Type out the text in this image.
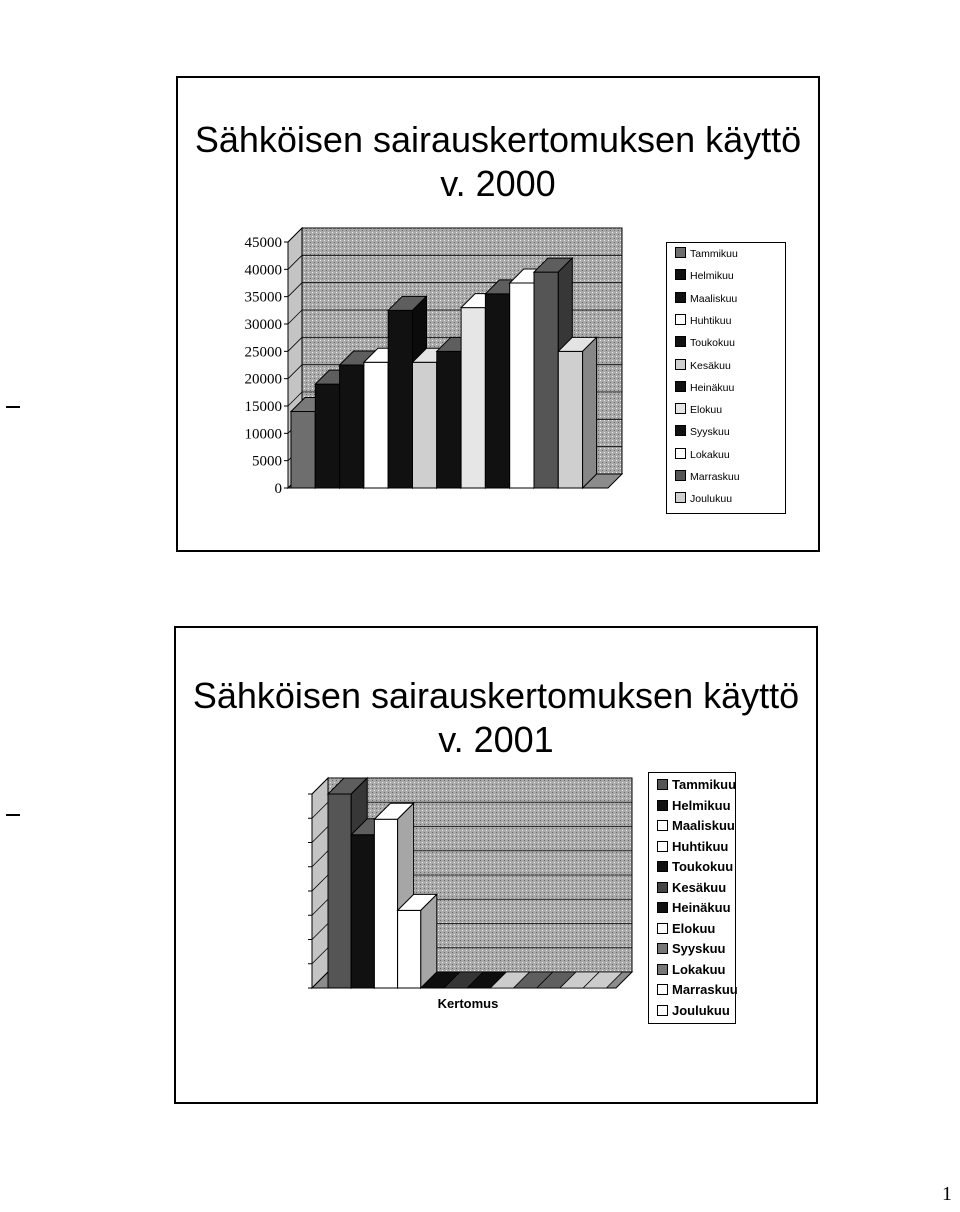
Sähköisen sairauskertomuksen käyttö v. 2000
0
5000
10000
15000
20000
25000
30000
35000
40000
45000
Tammikuu
Helmikuu
Maaliskuu
Huhtikuu
Toukokuu
Kesäkuu
Heinäkuu
Elokuu
Syyskuu
Lokakuu
Marraskuu
Joulukuu
Sähköisen sairauskertomuksen käyttö v. 2001
Kertomus
Tammikuu
Helmikuu
Maaliskuu
Huhtikuu
Toukokuu
Kesäkuu
Heinäkuu
Elokuu
Syyskuu
Lokakuu
Marraskuu
Joulukuu
1
